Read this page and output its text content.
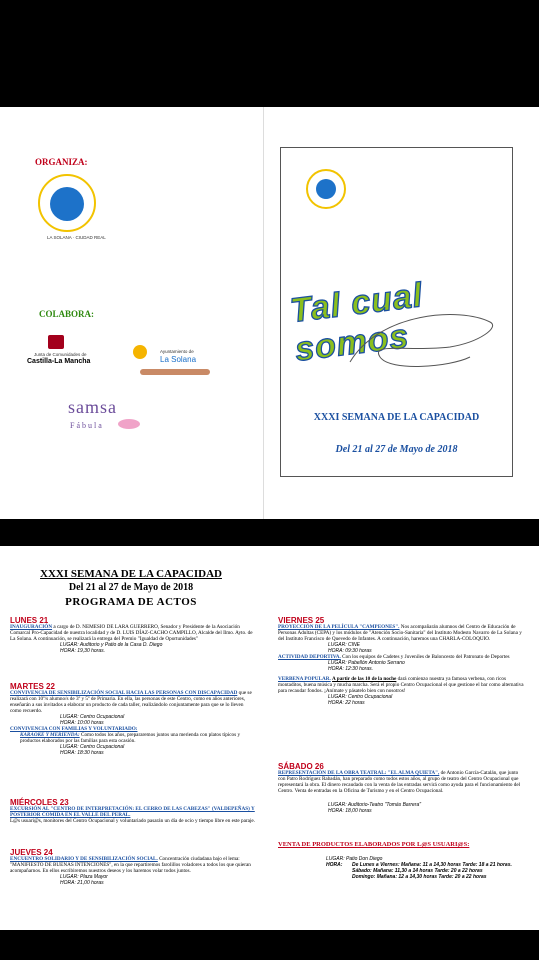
ORGANIZA:
LA SOLANA · CIUDAD REAL
COLABORA:
Junta de Comunidades de
Castilla-La Mancha
Ayuntamiento de
La Solana
samsa
Fábula
Tal cual somos
XXXI SEMANA DE LA CAPACIDAD
Del 21 al 27 de Mayo de 2018
XXXI SEMANA DE LA CAPACIDAD
Del 21 al 27 de Mayo de 2018
PROGRAMA DE ACTOS
LUNES 21
INAUGURACIÓN a cargo de D. NEMESIO DE LARA GUERRERO, Senador y Presidente de la Asociación Comarcal Pro-Capacidad de nuestra localidad y de D. LUIS DÍAZ-CACHO CAMPILLO, Alcalde del Ilmo. Ayto. de La Solana. A continuación, se realizará la entrega del Premio "Igualdad de Oportunidades"
LUGAR: Auditorio y Patio de la Casa D. Diego
HORA: 19,30 horas.
MARTES 22
CONVIVENCIA DE SENSIBILIZACIÓN SOCIAL HACIA LAS PERSONAS CON DISCAPACIDAD que se realizará con 10º/s alumno/s de 3º y 5º de Primaria. En ella, las personas de este Centro, como en años anteriores, enseñarán a sus invitados a elaborar un producto de cada taller, realizándolo conjuntamente para que se lo lleven como recuerdo.
LUGAR: Centro Ocupacional
HORA: 10:00 horas
CONVIVENCIA CON FAMILIAS Y VOLUNTARIADO:
KARAOKE Y MERIENDA: Como todos los años, prepararemos juntos una merienda con platos típicos y productos elaborados por las familias para esta ocasión.
LUGAR: Centro Ocupacional
HORA: 18:30 horas
MIÉRCOLES 23
EXCURSIÓN AL "CENTRO DE INTERPRETACIÓN: EL CERRO DE LAS CABEZAS" (VALDEPEÑAS) Y POSTERIOR COMIDA EN EL VALLE DEL PERAL.
L@s usuari@s, monitores del Centro Ocupacional y voluntariado pasarán un día de ocio y tiempo libre en este paraje.
JUEVES 24
ENCUENTRO SOLIDARIO Y DE SENSIBILIZACIÓN SOCIAL. Concentración ciudadana bajo el lema: "MANIFIESTO DE BUENAS INTENCIONES", en la que repartiremos farolillos voladores a todos los que quieran acompañarnos. En ellos escribiremos nuestros deseos y los haremos volar todos juntos.
LUGAR: Plaza Mayor
HORA: 21,00 horas
VIERNES 25
PROYECCIÓN DE LA PELÍCULA "CAMPEONES". Nos acompañarán alumnos del Centro de Educación de Personas Adultas (CEPA) y los módulos de "Atención Socio-Sanitaria" del Instituto Modesto Navarro de La Solana y del Instituto Francisco de Quevedo de Infantes. A continuación, haremos una CHARLA-COLOQUIO.
LUGAR: CINE
HORA: 09:30 horas
ACTIVIDAD DEPORTIVA. Con los equipos de Cadetes y Juveniles de Baloncesto del Patronato de Deportes
LUGAR: Pabellón Antonio Serrano
HORA: 12:30 horas.
VERBENA POPULAR. A partir de las 10 de la noche dará comienzo nuestra ya famosa verbena, con ricos montaditos, buena música y mucha marcha. Será el propio Centro Ocupacional el que gestione el bar como alternativa para recaudar fondos. ¡Anímate y pásatelo bien con nosotros!
LUGAR: Centro Ocupacional
HORA: 22 horas
SÁBADO 26
REPRESENTACIÓN DE LA OBRA TEATRAL: "EL ALMA QUIETA", de Antonio García-Catalán, que junto con Patro Rodríguez Rabadán, han preparado como todos estos años, al grupo de teatro del Centro Ocupacional que representará la obra. El dinero recaudado con la venta de las entradas servirá como ayuda para el funcionamiento del Centro. Venta de entradas en la Oficina de Turismo y en el Centro Ocupacional.
LUGAR: Auditorio-Teatro "Tomás Barrera"
HORA: 18,00 horas
VENTA DE PRODUCTOS ELABORADOS POR L@S USUARI@S:
LUGAR: Patio Don Diego
HORA:	De Lunes a Viernes: Mañana: 11 a 14,30 horas Tarde: 18 a 21 horas.
Sábado: Mañana: 11,30 a 14 horas Tarde: 20 a 22 horas
Domingo: Mañana: 12 a 14,30 horas Tarde: 20 a 22 horas
